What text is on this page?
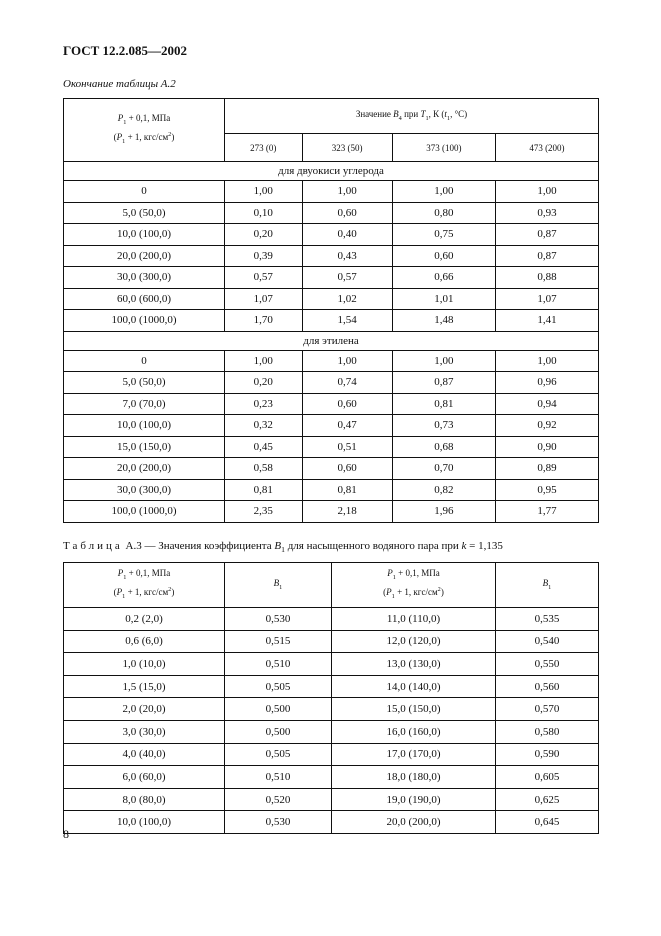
ГОСТ 12.2.085—2002
Окончание таблицы А.2
$P_1 + 0,1$, МПа
($P_1 + 1$, кгс/$см^2$)	Значение $B_4$ при $T_1$, К ($t_1$, °С)			
	273 (0)	323 (50)	373 (100)	473 (200)
для двуокиси углерода				
0	1,00	1,00	1,00	1,00
5,0 (50,0)	0,10	0,60	0,80	0,93
10,0 (100,0)	0,20	0,40	0,75	0,87
20,0 (200,0)	0,39	0,43	0,60	0,87
30,0 (300,0)	0,57	0,57	0,66	0,88
60,0 (600,0)	1,07	1,02	1,01	1,07
100,0 (1000,0)	1,70	1,54	1,48	1,41
для этилена				
0	1,00	1,00	1,00	1,00
5,0 (50,0)	0,20	0,74	0,87	0,96
7,0 (70,0)	0,23	0,60	0,81	0,94
10,0 (100,0)	0,32	0,47	0,73	0,92
15,0 (150,0)	0,45	0,51	0,68	0,90
20,0 (200,0)	0,58	0,60	0,70	0,89
30,0 (300,0)	0,81	0,81	0,82	0,95
100,0 (1000,0)	2,35	2,18	1,96	1,77
Таблица А.3 — Значения коэффициента $B_1$ для насыщенного водяного пара при k = 1,135
$P_1 + 0,1$, МПа
($P_1 + 1$, кгс/$см^2$)	$B_1$	$P_1 + 0,1$, МПа
($P_1 + 1$, кгс/$см^2$)	$B_1$
0,2 (2,0)	0,530	11,0 (110,0)	0,535
0,6 (6,0)	0,515	12,0 (120,0)	0,540
1,0 (10,0)	0,510	13,0 (130,0)	0,550
1,5 (15,0)	0,505	14,0 (140,0)	0,560
2,0 (20,0)	0,500	15,0 (150,0)	0,570
3,0 (30,0)	0,500	16,0 (160,0)	0,580
4,0 (40,0)	0,505	17,0 (170,0)	0,590
6,0 (60,0)	0,510	18,0 (180,0)	0,605
8,0 (80,0)	0,520	19,0 (190,0)	0,625
10,0 (100,0)	0,530	20,0 (200,0)	0,645
8
